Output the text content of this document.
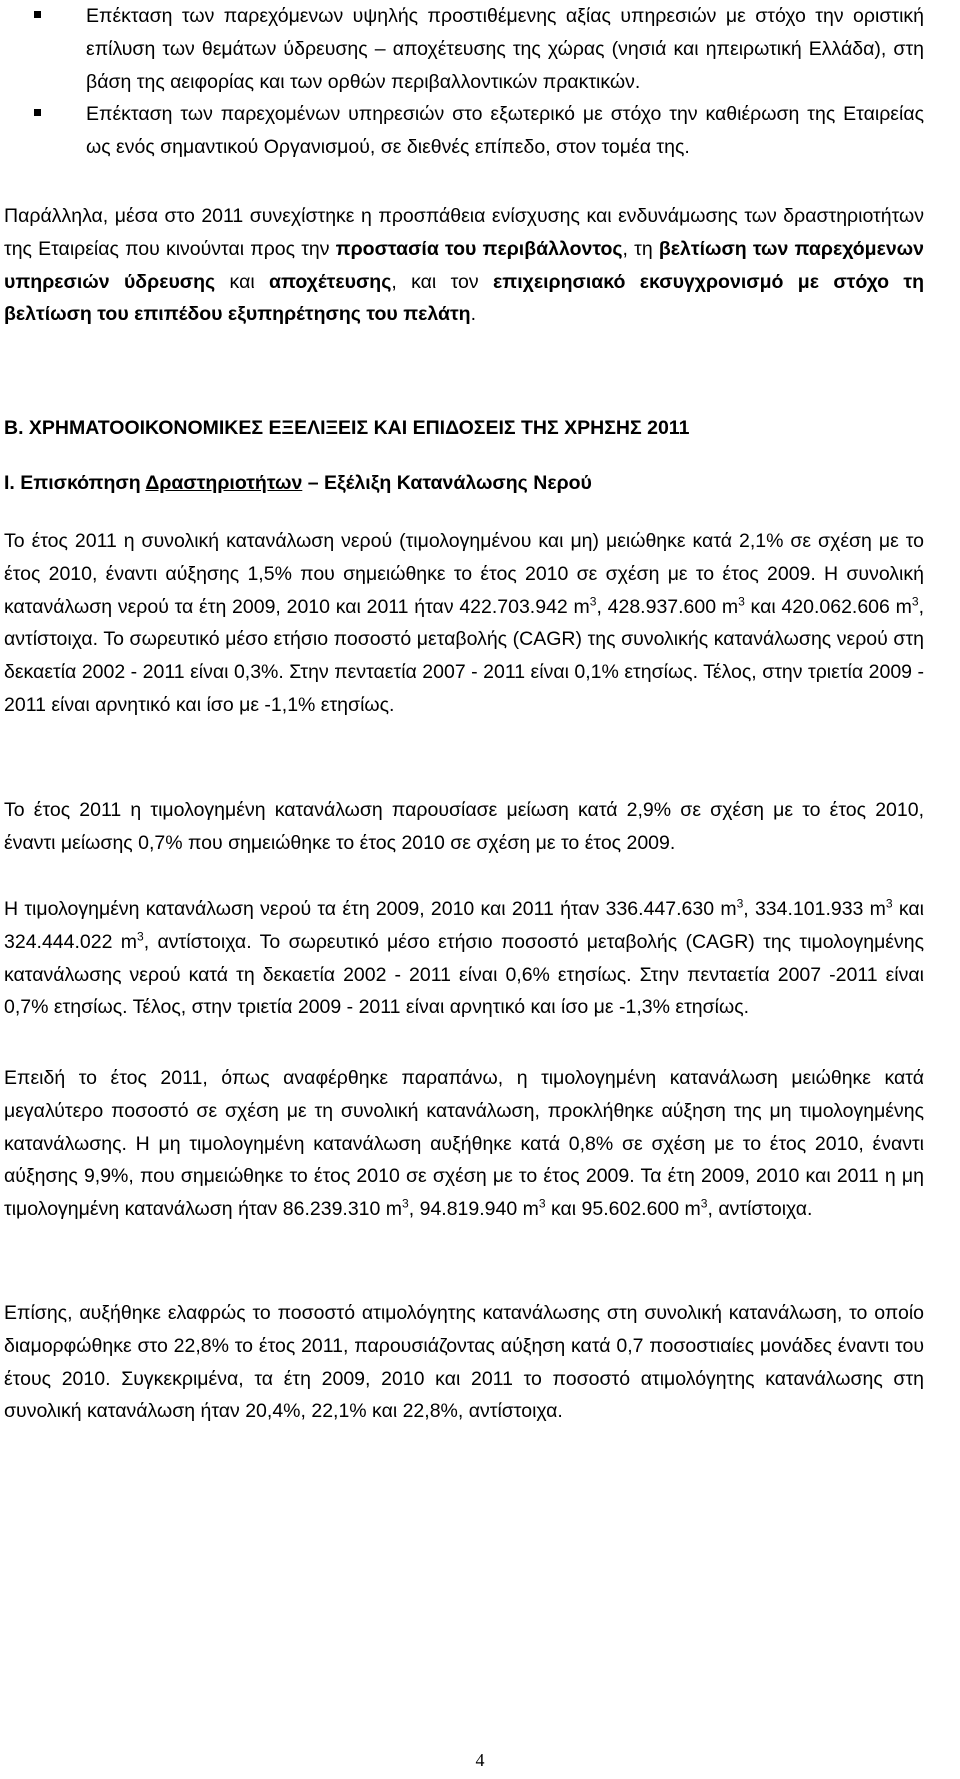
Επέκταση των παρεχόμενων υψηλής προστιθέμενης αξίας υπηρεσιών με στόχο την οριστική επίλυση των θεμάτων ύδρευσης – αποχέτευσης της χώρας (νησιά και ηπειρωτική Ελλάδα), στη βάση της αειφορίας και των ορθών περιβαλλοντικών πρακτικών.

Επέκταση των παρεχομένων υπηρεσιών στο εξωτερικό με στόχο την καθιέρωση της Εταιρείας ως ενός σημαντικού Οργανισμού, σε διεθνές επίπεδο, στον τομέα της.

Παράλληλα, μέσα στο 2011 συνεχίστηκε η προσπάθεια ενίσχυσης και ενδυνάμωσης των δραστηριοτήτων της Εταιρείας που κινούνται προς την προστασία του περιβάλλοντος, τη βελτίωση των παρεχόμενων υπηρεσιών ύδρευσης και αποχέτευσης, και τον επιχειρησιακό εκσυγχρονισμό με στόχο τη βελτίωση του επιπέδου εξυπηρέτησης του πελάτη.

Β. ΧΡΗΜΑΤΟΟΙΚΟΝΟΜΙΚΕΣ ΕΞΕΛΙΞΕΙΣ ΚΑΙ ΕΠΙΔΟΣΕΙΣ ΤΗΣ ΧΡΗΣΗΣ 2011
Ι. Επισκόπηση Δραστηριοτήτων – Εξέλιξη Κατανάλωσης Νερού

Το έτος 2011 η συνολική κατανάλωση νερού (τιμολογημένου και μη) μειώθηκε κατά 2,1% σε σχέση με το έτος 2010, έναντι αύξησης 1,5% που σημειώθηκε το έτος 2010 σε σχέση με το έτος 2009. Η συνολική κατανάλωση νερού τα έτη 2009, 2010 και 2011 ήταν 422.703.942 $m^3$, 428.937.600 $m^3$ και 420.062.606 $m^3$, αντίστοιχα. Το σωρευτικό μέσο ετήσιο ποσοστό μεταβολής (CAGR) της συνολικής κατανάλωσης νερού στη δεκαετία 2002 - 2011 είναι 0,3%. Στην πενταετία 2007 - 2011 είναι 0,1% ετησίως. Τέλος, στην τριετία 2009 - 2011 είναι αρνητικό και ίσο με -1,1% ετησίως.

Το έτος 2011 η τιμολογημένη κατανάλωση παρουσίασε μείωση κατά 2,9% σε σχέση με το έτος 2010, έναντι μείωσης 0,7% που σημειώθηκε το έτος 2010 σε σχέση με το έτος 2009.

Η τιμολογημένη κατανάλωση νερού τα έτη 2009, 2010 και 2011 ήταν 336.447.630 $m^3$, 334.101.933 $m^3$ και 324.444.022 $m^3$, αντίστοιχα. Το σωρευτικό μέσο ετήσιο ποσοστό μεταβολής (CAGR) της τιμολογημένης κατανάλωσης νερού κατά τη δεκαετία 2002 - 2011 είναι 0,6% ετησίως. Στην πενταετία 2007 -2011 είναι 0,7% ετησίως. Τέλος, στην τριετία 2009 - 2011 είναι αρνητικό και ίσο με -1,3% ετησίως.

Επειδή το έτος 2011, όπως αναφέρθηκε παραπάνω, η τιμολογημένη κατανάλωση μειώθηκε κατά μεγαλύτερο ποσοστό σε σχέση με τη συνολική κατανάλωση, προκλήθηκε αύξηση της μη τιμολογημένης κατανάλωσης. Η μη τιμολογημένη κατανάλωση αυξήθηκε κατά 0,8% σε σχέση με το έτος 2010, έναντι αύξησης 9,9%, που σημειώθηκε το έτος 2010 σε σχέση με το έτος 2009. Τα έτη 2009, 2010 και 2011 η μη τιμολογημένη κατανάλωση ήταν 86.239.310 $m^3$, 94.819.940 $m^3$ και 95.602.600 $m^3$, αντίστοιχα.

Επίσης, αυξήθηκε ελαφρώς το ποσοστό ατιμολόγητης κατανάλωσης στη συνολική κατανάλωση, το οποίο διαμορφώθηκε στο 22,8% το έτος 2011, παρουσιάζοντας αύξηση κατά 0,7 ποσοστιαίες μονάδες έναντι του έτους 2010. Συγκεκριμένα, τα έτη 2009, 2010 και 2011 το ποσοστό ατιμολόγητης κατανάλωσης στη συνολική κατανάλωση ήταν 20,4%, 22,1% και 22,8%, αντίστοιχα.

4
